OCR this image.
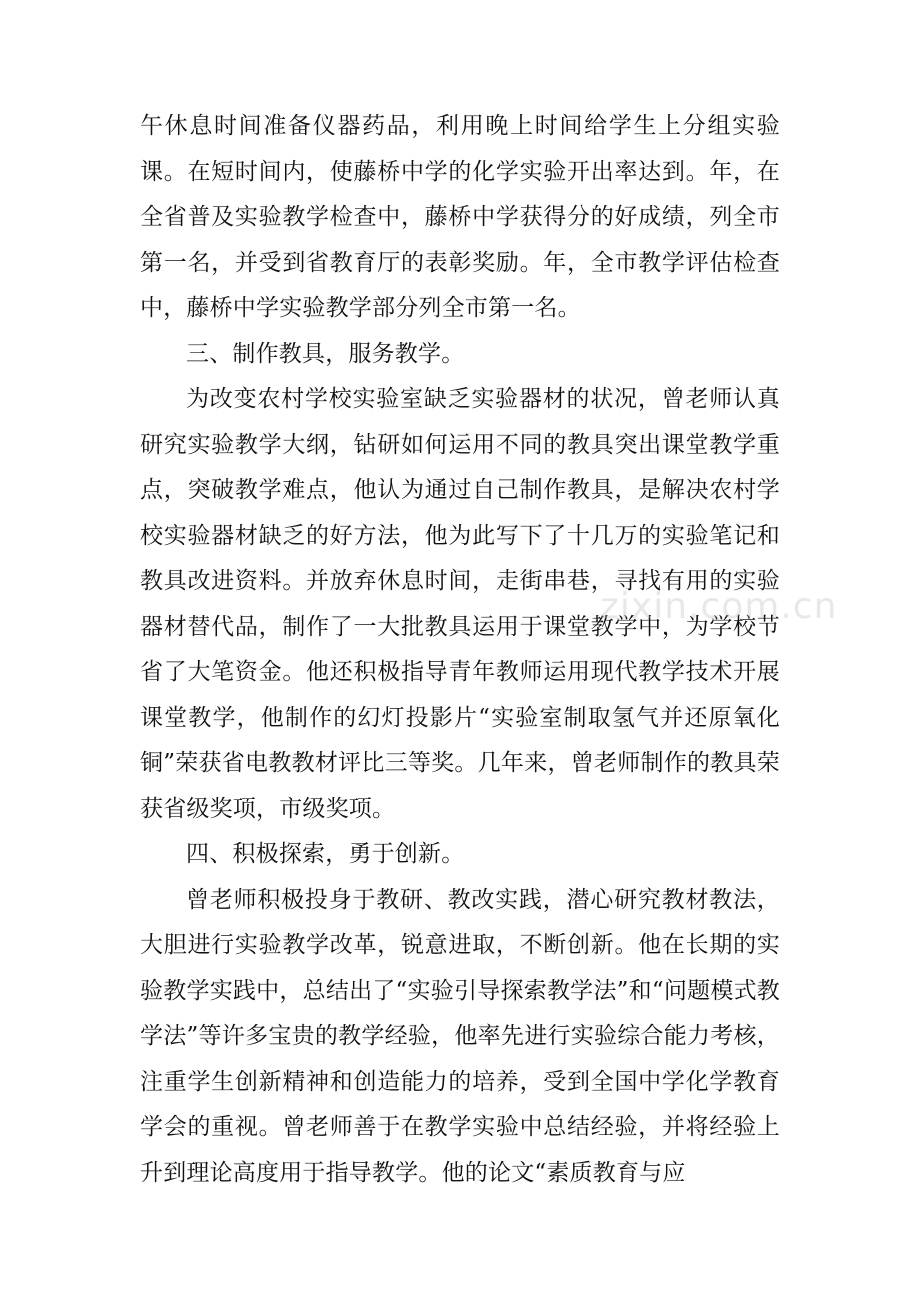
午休息时间准备仪器药品，利用晚上时间给学生上分组实验课。在短时间内，使藤桥中学的化学实验开出率达到。年，在全省普及实验教学检查中，藤桥中学获得分的好成绩，列全市第一名，并受到省教育厅的表彰奖励。年，全市教学评估检查中，藤桥中学实验教学部分列全市第一名。

三、制作教具，服务教学。

为改变农村学校实验室缺乏实验器材的状况，曾老师认真研究实验教学大纲，钻研如何运用不同的教具突出课堂教学重点，突破教学难点，他认为通过自己制作教具，是解决农村学校实验器材缺乏的好方法，他为此写下了十几万的实验笔记和教具改进资料。并放弃休息时间，走街串巷，寻找有用的实验器材替代品，制作了一大批教具运用于课堂教学中，为学校节省了大笔资金。他还积极指导青年教师运用现代教学技术开展课堂教学，他制作的幻灯投影片“实验室制取氢气并还原氧化铜”荣获省电教教材评比三等奖。几年来，曾老师制作的教具荣获省级奖项，市级奖项。

四、积极探索，勇于创新。

曾老师积极投身于教研、教改实践，潜心研究教材教法，大胆进行实验教学改革，锐意进取，不断创新。他在长期的实验教学实践中，总结出了“实验引导探索教学法”和“问题模式教学法”等许多宝贵的教学经验，他率先进行实验综合能力考核，注重学生创新精神和创造能力的培养，受到全国中学化学教育学会的重视。曾老师善于在教学实验中总结经验，并将经验上升到理论高度用于指导教学。他的论文“素质教育与应

zixin.com.cn
